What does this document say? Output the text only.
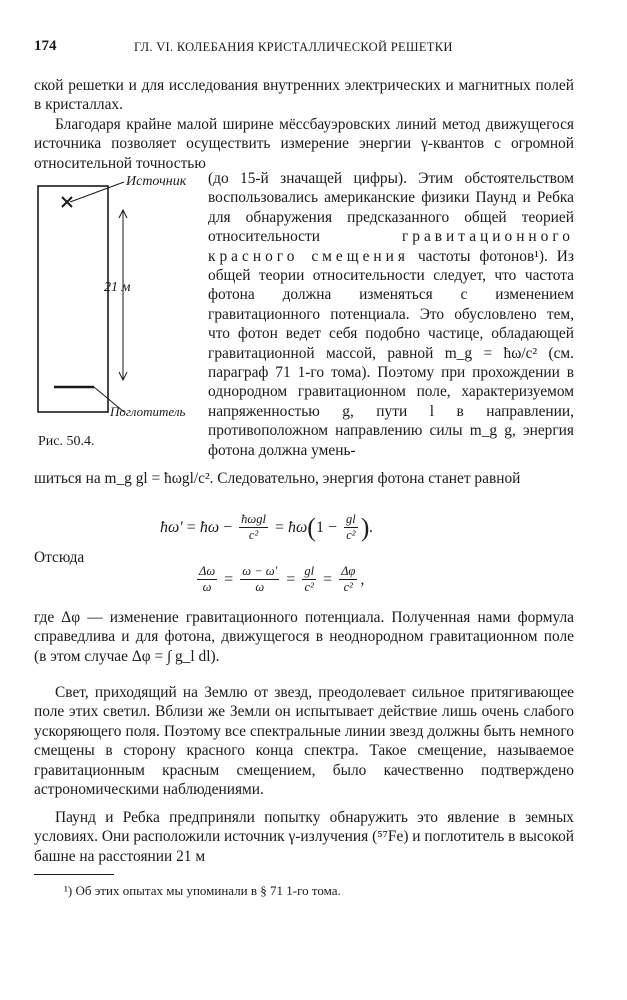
174	ГЛ. VI. КОЛЕБАНИЯ КРИСТАЛЛИЧЕСКОЙ РЕШЕТКИ

ской решетки и для исследования внутренних электрических и магнитных полей в кристаллах.

Благодаря крайне малой ширине мёссбауэровских линий метод движущегося источника позволяет осуществить измерение энергии γ-квантов с огромной относительной точностью

(до 15-й значащей цифры). Этим обстоятельством воспользовались американские физики Паунд и Ребка для обнаружения предсказанного общей теорией относительности гравитационного красного смещения частоты фотонов¹). Из общей теории относительности следует, что частота фотона должна изменяться с изменением гравитационного потенциала. Это обусловлено тем, что фотон ведет себя подобно частице, обладающей гравитационной массой, равной m_g = ħω/c² (см. параграф 71 1-го тома). Поэтому при прохождении в однородном гравитационном поле, характеризуемом напряженностью g, пути l в направлении, противоположном направлению силы m_g g, энергия фотона должна умень-

Источник
21 м
Поглотитель
Рис. 50.4.

шиться на m_g gl = ħωgl/c². Следовательно, энергия фотона станет равной

ħω′ = ħω − $\frac{\text{ħωgl}}{\text{c²}}$ = ħω ( $1 - \frac{gl}{\text{c²}}$ ) .

Отсюда

$\frac{\Delta\omega}{\omega} = \frac{\omega - \omega'}{\omega} = \frac{gl}{\text{c²}} = \frac{\Delta\varphi}{\text{c²}}$ ,

где Δφ — изменение гравитационного потенциала. Полученная нами формула справедлива и для фотона, движущегося в неоднородном гравитационном поле (в этом случае Δφ = ∫ g_l dl).

Свет, приходящий на Землю от звезд, преодолевает сильное притягивающее поле этих светил. Вблизи же Земли он испытывает действие лишь очень слабого ускоряющего поля. Поэтому все спектральные линии звезд должны быть немного смещены в сторону красного конца спектра. Такое смещение, называемое гравитационным красным смещением, было качественно подтверждено астрономическими наблюдениями.

Паунд и Ребка предприняли попытку обнаружить это явление в земных условиях. Они расположили источник γ-излучения (⁵⁷Fe) и поглотитель в высокой башне на расстоянии 21 м

¹) Об этих опытах мы упоминали в § 71 1-го тома.
